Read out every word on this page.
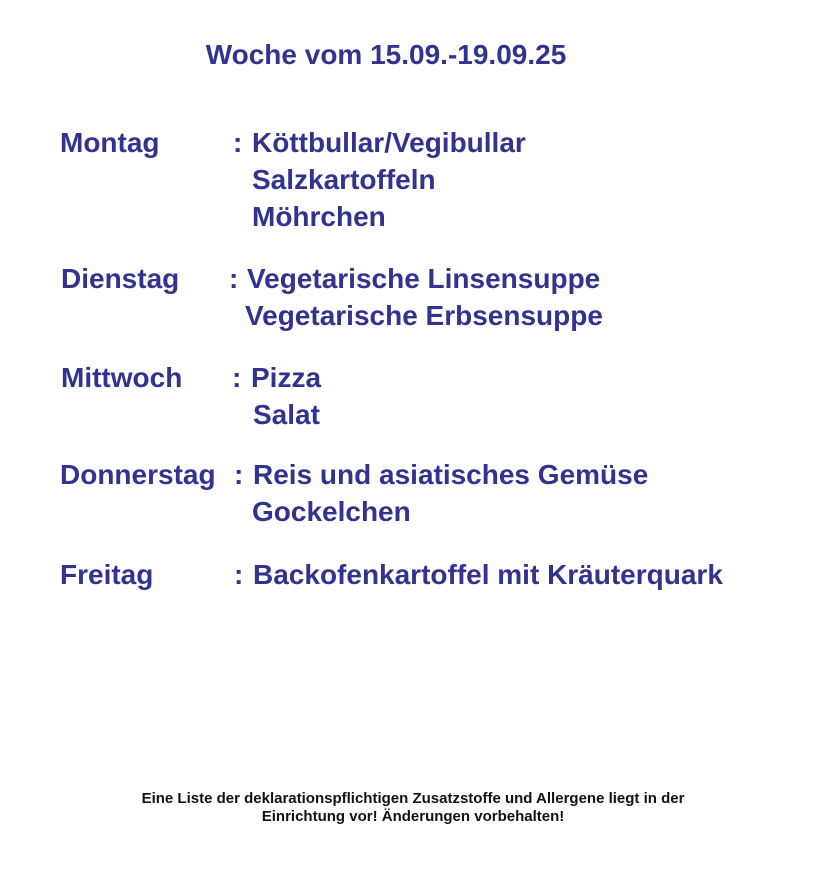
Woche vom 15.09.-19.09.25
Montag	: Köttbullar/Vegibullar
Salzkartoffeln
Möhrchen
Dienstag : Vegetarische Linsensuppe
Vegetarische Erbsensuppe
Mittwoch : Pizza
Salat
Donnerstag : Reis und asiatisches Gemüse
Gockelchen
Freitag	: Backofenkartoffel mit Kräuterquark

Eine Liste der deklarationspflichtigen Zusatzstoffe und Allergene liegt in der

Einrichtung vor! Änderungen vorbehalten!
